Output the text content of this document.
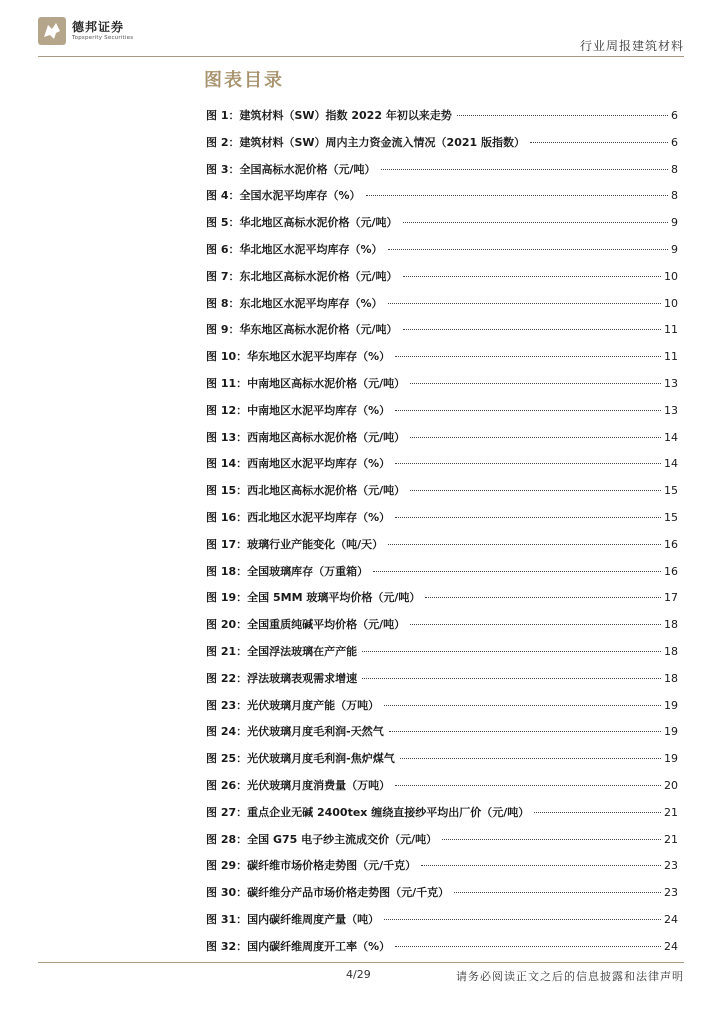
德邦证券
Topsperity Securities
行业周报建筑材料
图表目录
图 1：建筑材料（SW）指数 2022 年初以来走势	6
图 2：建筑材料（SW）周内主力资金流入情况（2021 版指数）	6
图 3：全国高标水泥价格（元/吨）	8
图 4：全国水泥平均库存（%）	8
图 5：华北地区高标水泥价格（元/吨）	9
图 6：华北地区水泥平均库存（%）	9
图 7：东北地区高标水泥价格（元/吨）	10
图 8：东北地区水泥平均库存（%）	10
图 9：华东地区高标水泥价格（元/吨）	11
图 10：华东地区水泥平均库存（%）	11
图 11：中南地区高标水泥价格（元/吨）	13
图 12：中南地区水泥平均库存（%）	13
图 13：西南地区高标水泥价格（元/吨）	14
图 14：西南地区水泥平均库存（%）	14
图 15：西北地区高标水泥价格（元/吨）	15
图 16：西北地区水泥平均库存（%）	15
图 17：玻璃行业产能变化（吨/天）	16
图 18：全国玻璃库存（万重箱）	16
图 19：全国 5MM 玻璃平均价格（元/吨）	17
图 20：全国重质纯碱平均价格（元/吨）	18
图 21：全国浮法玻璃在产产能	18
图 22：浮法玻璃表观需求增速	18
图 23：光伏玻璃月度产能（万吨）	19
图 24：光伏玻璃月度毛利润-天然气	19
图 25：光伏玻璃月度毛利润-焦炉煤气	19
图 26：光伏玻璃月度消费量（万吨）	20
图 27：重点企业无碱 2400tex 缠绕直接纱平均出厂价（元/吨）	21
图 28：全国 G75 电子纱主流成交价（元/吨）	21
图 29：碳纤维市场价格走势图（元/千克）	23
图 30：碳纤维分产品市场价格走势图（元/千克）	23
图 31：国内碳纤维周度产量（吨）	24
图 32：国内碳纤维周度开工率（%）	24
4/29	请务必阅读正文之后的信息披露和法律声明
